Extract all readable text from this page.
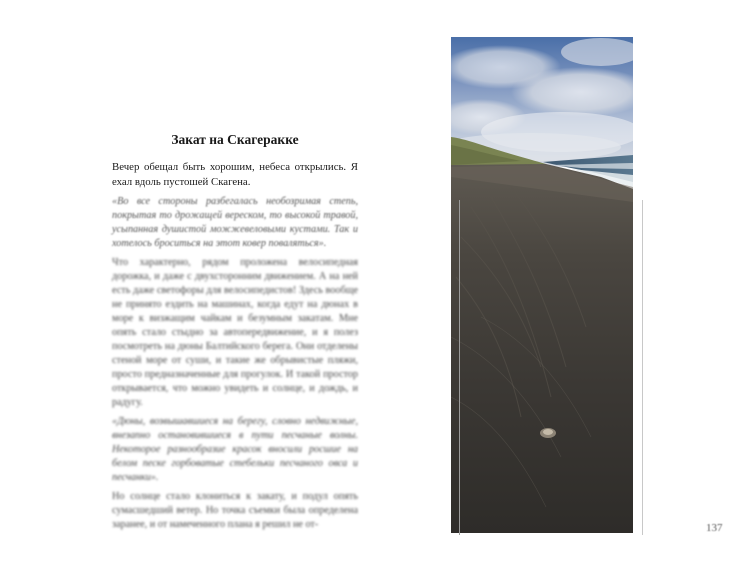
Закат на Скагеракке

Вечер обещал быть хорошим, небеса открылись. Я ехал вдоль пустошей Скагена.

«Во все стороны разбегалась необозримая степь, покрытая то дрожащей вереском, то высокой травой, усыпанная душистой можжевеловыми кустами. Так и хотелось броситься на этот ковер поваляться».

Что характерно, рядом проложена велосипедная дорожка, и даже с двухсторонним движением. А на ней есть даже светофоры для велосипедистов! Здесь вообще не принято ездить на машинах, когда едут на дюнах в море к визжащим чайкам и безумным закатам. Мне опять стало стыдно за автопередвижение, и я полез посмотреть на дюны Балтийского берега. Они отделены стеной море от суши, и такие же обрывистые пляжи, просто предназначенные для прогулок. И такой простор открывается, что можно увидеть и солнце, и дождь, и радугу.

«Дюны, возвышавшиеся на берегу, словно недвижные, внезапно остановившиеся в пути песчаные волны. Некоторое разнообразие красок вносили росшие на белом песке горбоватые стебельки песчаного овса и песчанки».

Но солнце стало клониться к закату, и подул опять сумасшедший ветер. Но точка съемки была определена заранее, и от намеченного плана я решил не от-	137
